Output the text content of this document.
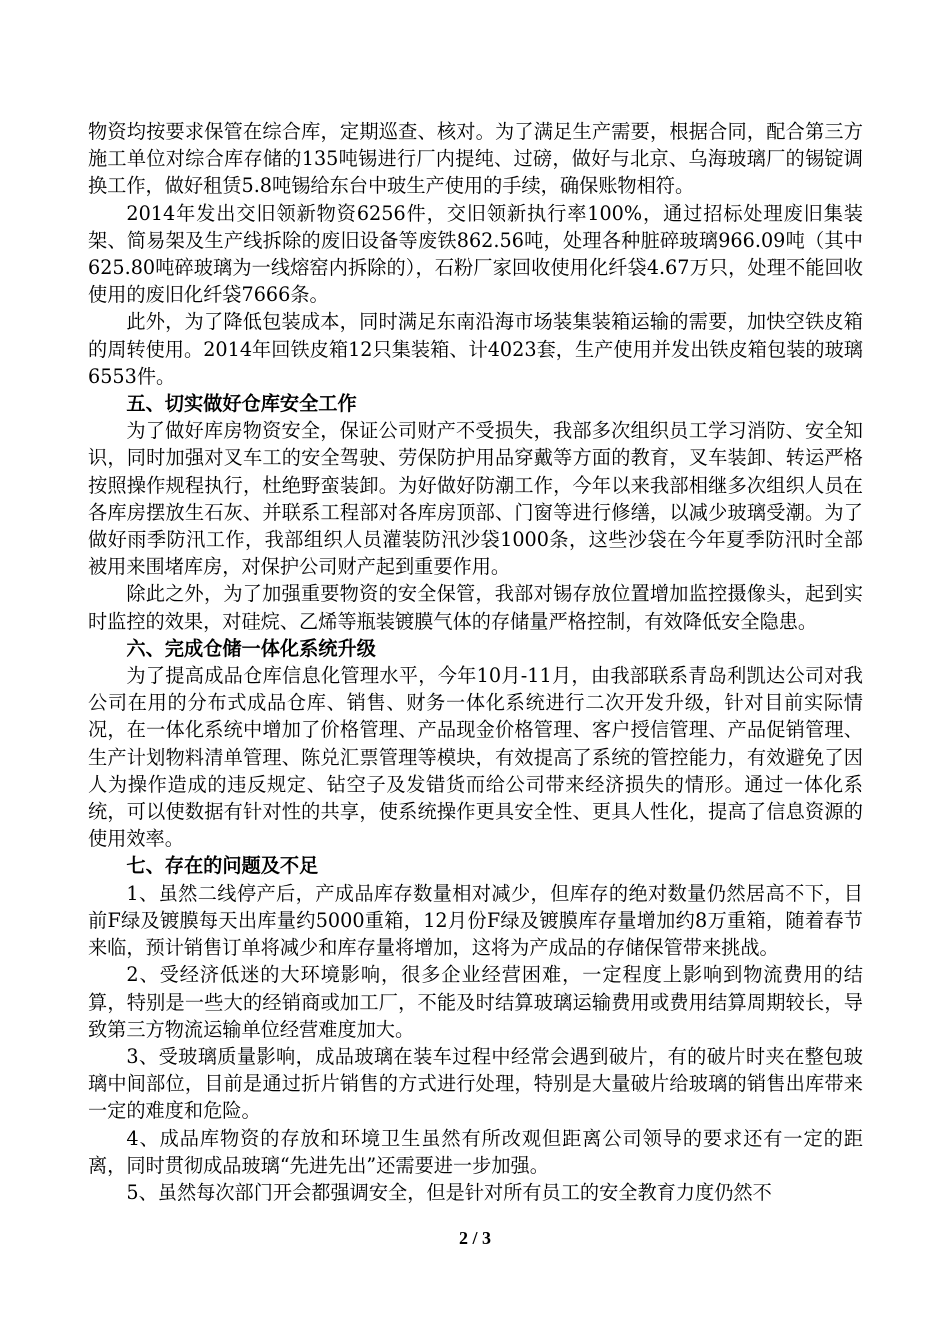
物资均按要求保管在综合库，定期巡查、核对。为了满足生产需要，根据合同，配合第三方施工单位对综合库存储的135吨锡进行厂内提纯、过磅，做好与北京、乌海玻璃厂的锡锭调换工作，做好租赁5.8吨锡给东台中玻生产使用的手续，确保账物相符。

2014年发出交旧领新物资6256件，交旧领新执行率100%，通过招标处理废旧集装架、简易架及生产线拆除的废旧设备等废铁862.56吨，处理各种脏碎玻璃966.09吨（其中625.80吨碎玻璃为一线熔窑内拆除的），石粉厂家回收使用化纤袋4.67万只，处理不能回收使用的废旧化纤袋7666条。

此外，为了降低包装成本，同时满足东南沿海市场装集装箱运输的需要，加快空铁皮箱的周转使用。2014年回铁皮箱12只集装箱、计4023套，生产使用并发出铁皮箱包装的玻璃6553件。

五、切实做好仓库安全工作

为了做好库房物资安全，保证公司财产不受损失，我部多次组织员工学习消防、安全知识，同时加强对叉车工的安全驾驶、劳保防护用品穿戴等方面的教育，叉车装卸、转运严格按照操作规程执行，杜绝野蛮装卸。为好做好防潮工作，今年以来我部相继多次组织人员在各库房摆放生石灰、并联系工程部对各库房顶部、门窗等进行修缮，以减少玻璃受潮。为了做好雨季防汛工作，我部组织人员灌装防汛沙袋1000条，这些沙袋在今年夏季防汛时全部被用来围堵库房，对保护公司财产起到重要作用。

除此之外，为了加强重要物资的安全保管，我部对锡存放位置增加监控摄像头，起到实时监控的效果，对硅烷、乙烯等瓶装镀膜气体的存储量严格控制，有效降低安全隐患。

六、完成仓储一体化系统升级

为了提高成品仓库信息化管理水平，今年10月-11月，由我部联系青岛利凯达公司对我公司在用的分布式成品仓库、销售、财务一体化系统进行二次开发升级，针对目前实际情况，在一体化系统中增加了价格管理、产品现金价格管理、客户授信管理、产品促销管理、生产计划物料清单管理、陈兑汇票管理等模块，有效提高了系统的管控能力，有效避免了因人为操作造成的违反规定、钻空子及发错货而给公司带来经济损失的情形。通过一体化系统，可以使数据有针对性的共享，使系统操作更具安全性、更具人性化，提高了信息资源的使用效率。

七、存在的问题及不足

1、虽然二线停产后，产成品库存数量相对减少，但库存的绝对数量仍然居高不下，目前F绿及镀膜每天出库量约5000重箱，12月份F绿及镀膜库存量增加约8万重箱，随着春节来临，预计销售订单将减少和库存量将增加，这将为产成品的存储保管带来挑战。

2、受经济低迷的大环境影响，很多企业经营困难，一定程度上影响到物流费用的结算，特别是一些大的经销商或加工厂，不能及时结算玻璃运输费用或费用结算周期较长，导致第三方物流运输单位经营难度加大。

3、受玻璃质量影响，成品玻璃在装车过程中经常会遇到破片，有的破片时夹在整包玻璃中间部位，目前是通过折片销售的方式进行处理，特别是大量破片给玻璃的销售出库带来一定的难度和危险。

4、成品库物资的存放和环境卫生虽然有所改观但距离公司领导的要求还有一定的距离，同时贯彻成品玻璃“先进先出”还需要进一步加强。

5、虽然每次部门开会都强调安全，但是针对所有员工的安全教育力度仍然不

2 / 3
